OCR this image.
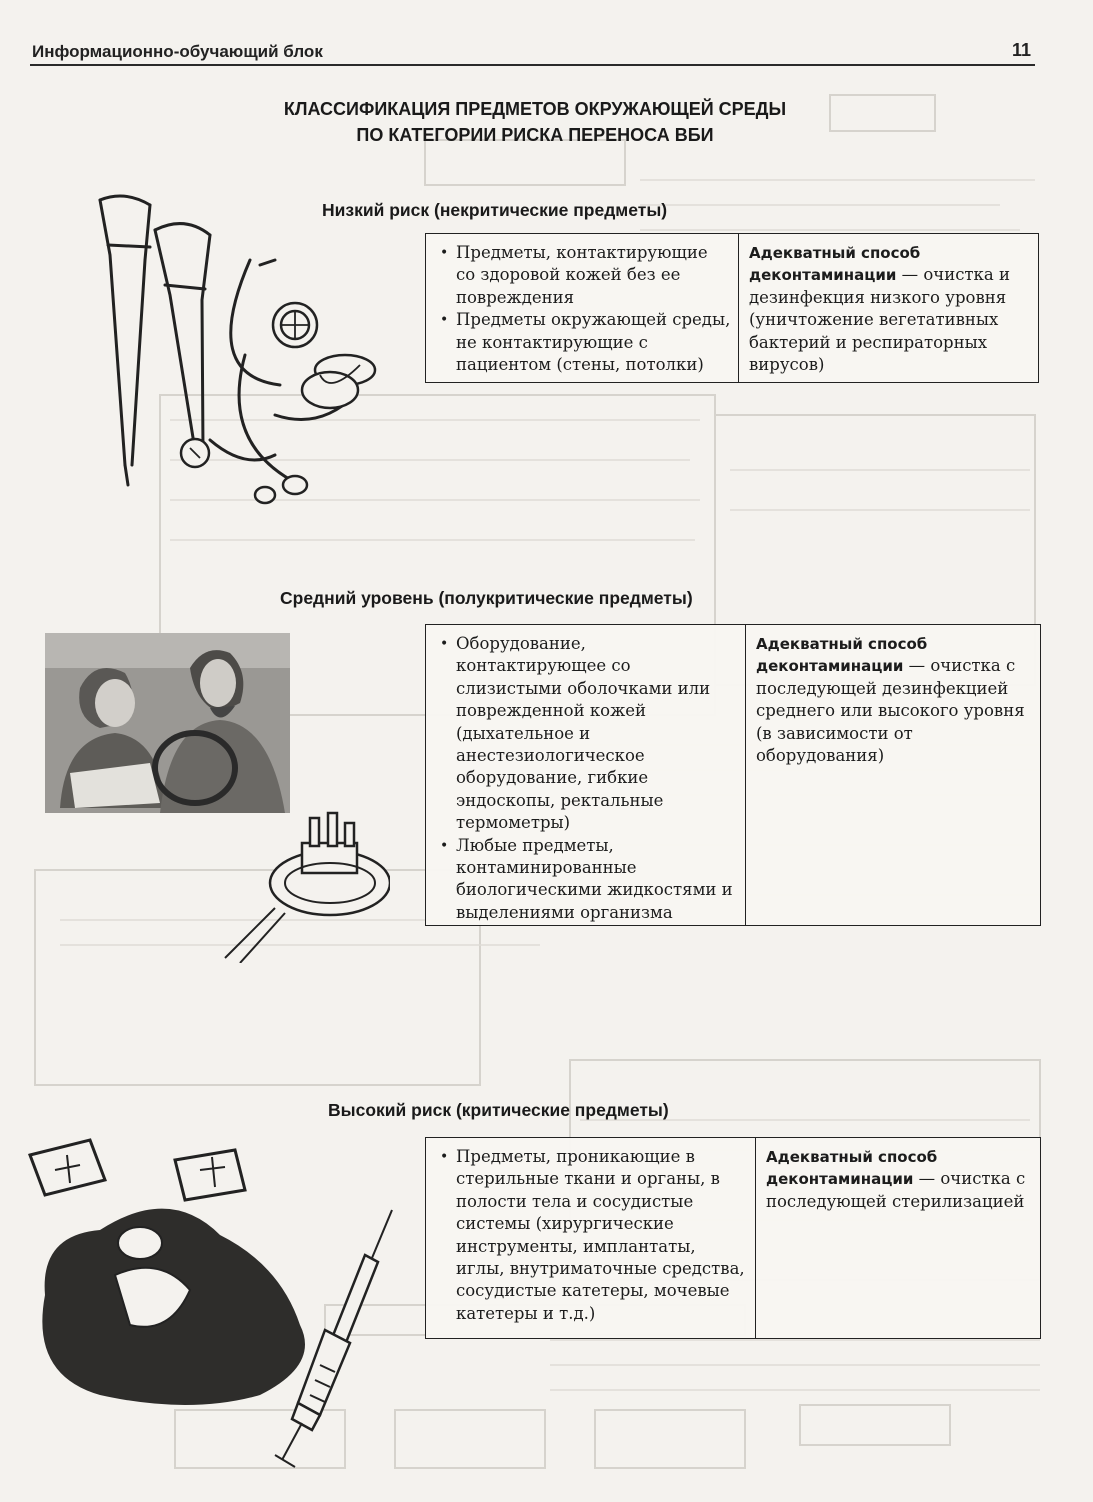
Информационно-обучающий блок	11
КЛАССИФИКАЦИЯ ПРЕДМЕТОВ ОКРУЖАЮЩЕЙ СРЕДЫ
ПО КАТЕГОРИИ РИСКА ПЕРЕНОСА ВБИ
Низкий риск (некритические предметы)
• Предметы, контактирующие со здоровой кожей без ее повреждения
• Предметы окружающей среды, не контактирующие с пациентом (стены, потолки)
Адекватный способ деконтаминации — очистка и дезинфекция низкого уровня (уничтожение вегетативных бактерий и респираторных вирусов)
Средний уровень (полукритические предметы)
• Оборудование, контактирующее со слизистыми оболочками или поврежденной кожей (дыхательное и анестезиологическое оборудование, гибкие эндоскопы, ректальные термометры)
• Любые предметы, контаминированные биологическими жидкостями и выделениями организма
Адекватный способ деконтаминации — очистка с последующей дезинфекцией среднего или высокого уровня (в зависимости от оборудования)
Высокий риск (критические предметы)
• Предметы, проникающие в стерильные ткани и органы, в полости тела и сосудистые системы (хирургические инструменты, имплантаты, иглы, внутриматочные средства, сосудистые катетеры, мочевые катетеры и т.д.)
Адекватный способ деконтаминации — очистка с последующей стерилизацией
